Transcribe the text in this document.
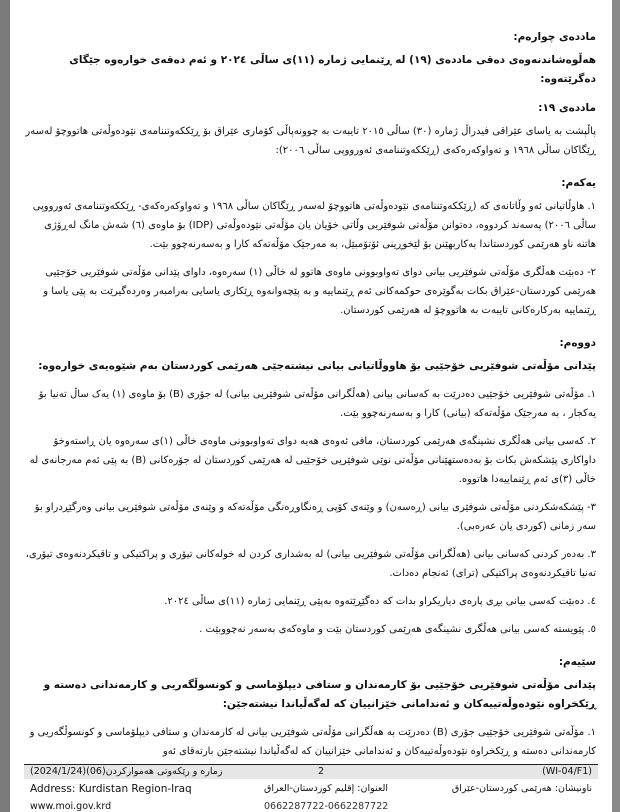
ماددەی چوارەم:

هەڵوەشاندنەوەی دەقی ماددەی (١٩) لە ڕێنمایی ژمارە (١١)ی ساڵی ٢٠٢٤ و ئەم دەقەی خوارەوە جێگای دەگرێتەوە:

ماددەی ١٩:

پاڵپشت بە یاسای عێراقی فیدراڵ ژمارە (٣٠) ساڵی ٢٠١٥ تایبەت بە چوونەپاڵی کۆماری عێراق بۆ ڕێککەوتننامەی نێودەوڵەتی هاتووچۆ لەسەر ڕێگاکان ساڵی ١٩٦٨ و تەواوکەرەکەی (ڕێککەوتننامەی ئەورووپی ساڵی ٢٠٠٦):

یەکەم:

١. هاوڵاتیانی ئەو وڵاتانەی کە (ڕێککەوتننامەی نێودەوڵەتی هاتووچۆ لەسەر ڕێگاکان ساڵی ١٩٦٨ و تەواوکەرەکەی- ڕێککەوتننامەی ئەورووپی ساڵی ٢٠٠٦) پەسەند کردووە، دەتوانن مۆڵەتی شوفێریی وڵاتی خۆیان یان مۆڵەتی نێودەوڵەتی (IDP) بۆ ماوەی (٦) شەش مانگ لەڕۆژی هاتنە ناو هەرێمی کوردستاندا بەکاربهێنن بۆ لێخوڕینی ئۆتۆمبێل، بە مەرجێک مۆڵەتەکە کارا و بەسەرنەچوو بێت.

٢- دەبێت هەڵگری مۆڵەتی شوفێریی بیانی دوای تەواوبوونی ماوەی هاتوو لە خاڵی (١) سەرەوە، داوای پێدانی مۆڵەتی شوفێریی خۆجێیی هەرێمی کوردستان-عێراق بکات بەگوێرەی حوکمەکانی ئەم ڕێنماییە و بە پێچەوانەوە ڕێکاری یاسایی بەرامبەر وەردەگیرێت بە پێی یاسا و ڕێنماییە بەرکارەکانی تایبەت بە هاتووچۆ لە هەرێمی کوردستان.

دووەم:

پێدانی مۆڵەتی شوفێریی خۆجێیی بۆ هاووڵاتیانی بیانی نیشتەجێی هەرێمی کوردستان بەم شێوەیەی خوارەوە:

١. مۆڵەتی شوفێریی خۆجێیی دەدرێت بە کەسانی بیانی (هەڵگرانی مۆڵەتی شوفێریی بیانی) لە جۆری (B) بۆ ماوەی (١) یەک ساڵ تەنیا بۆ یەکجار ، بە مەرجێک مۆڵەتەکە (بیانی) کارا و بەسەرنەچوو بێت.

٢. کەسی بیانی هەڵگری نشینگەی هەرێمی کوردستان، مافی ئەوەی هەیە دوای تەواوبوونی ماوەی خاڵی (١)ی سەرەوە یان ڕاستەوخۆ داواکاری پێشکەش بکات بۆ بەدەستهێنانی مۆڵەتی نوێی شوفێریی خۆجێیی لە هەرێمی کوردستان لە جۆرەکانی (B) بە پێی ئەم مەرجانەی لە خاڵی (٣)ی ئەم ڕێنماییەدا هاتووە.

٣- پێشکەشکردنی مۆڵەتی شوفێری بیانی (ڕەسەن) و وێنەی کۆپی ڕەنگاوڕەنگی مۆڵەتەکە و وێنەی مۆڵەتی شوفێریی بیانی وەرگێڕدراو بۆ سەر زمانی (کوردی یان عەرەبی).

٣. بەدەر کردنی کەسانی بیانی (هەڵگرانی مۆڵەتی شوفێریی بیانی) لە بەشداری کردن لە خولەکانی تیۆری و پراکتیکی و تاقیکردنەوەی تیۆری، تەنیا تاقیکردنەوەی پراکتیکی (ترای) ئەنجام دەدات.

٤. دەبێت کەسی بیانی بڕی پارەی دیاریکراو بدات کە دەگێڕێتەوە بەپێی ڕێنمایی ژمارە (١١)ی ساڵی ٢٠٢٤.

٥. پێویستە کەسی بیانی هەڵگری نشینگەی هەرێمی کوردستان بێت و ماوەکەی بەسەر نەچووبێت .

سێیەم:

پێدانی مۆڵەتی شوفێریی خۆجێیی بۆ کارمەندان و ستافی دیپلۆماسی و کونسوڵگەریی و کارمەندانی دەستە و ڕێکخراوە نێودەوڵەتییەکان و ئەندامانی خێزانییان کە لەگەڵیاندا نیشتەجێن:

١. مۆڵەتی شوفێریی خۆجێیی جۆری (B) دەدرێت بە هەڵگرانی مۆڵەتی شوفێریی بیانی لە کارمەندان و ستافی دیپلۆماسی و کونسوڵگەریی و کارمەندانی دەستە و ڕێکخراوە نێودەوڵەتییەکان و ئەندامانی خێزانییان کە لەگەڵیاندا نیشتەجێن بارتەقای ئەو

(2024/1/24)زمارە و رێکەوتی هەموارکردن(06)	2	(WI-04/F1)
Address: Kurdistan Region-Iraq	العنوان: إقليم كوردستان-العراق	ناونیشان: هەرێمی کوردستان-عێراق
www.moi.gov.krd	0662287722-0662287722
